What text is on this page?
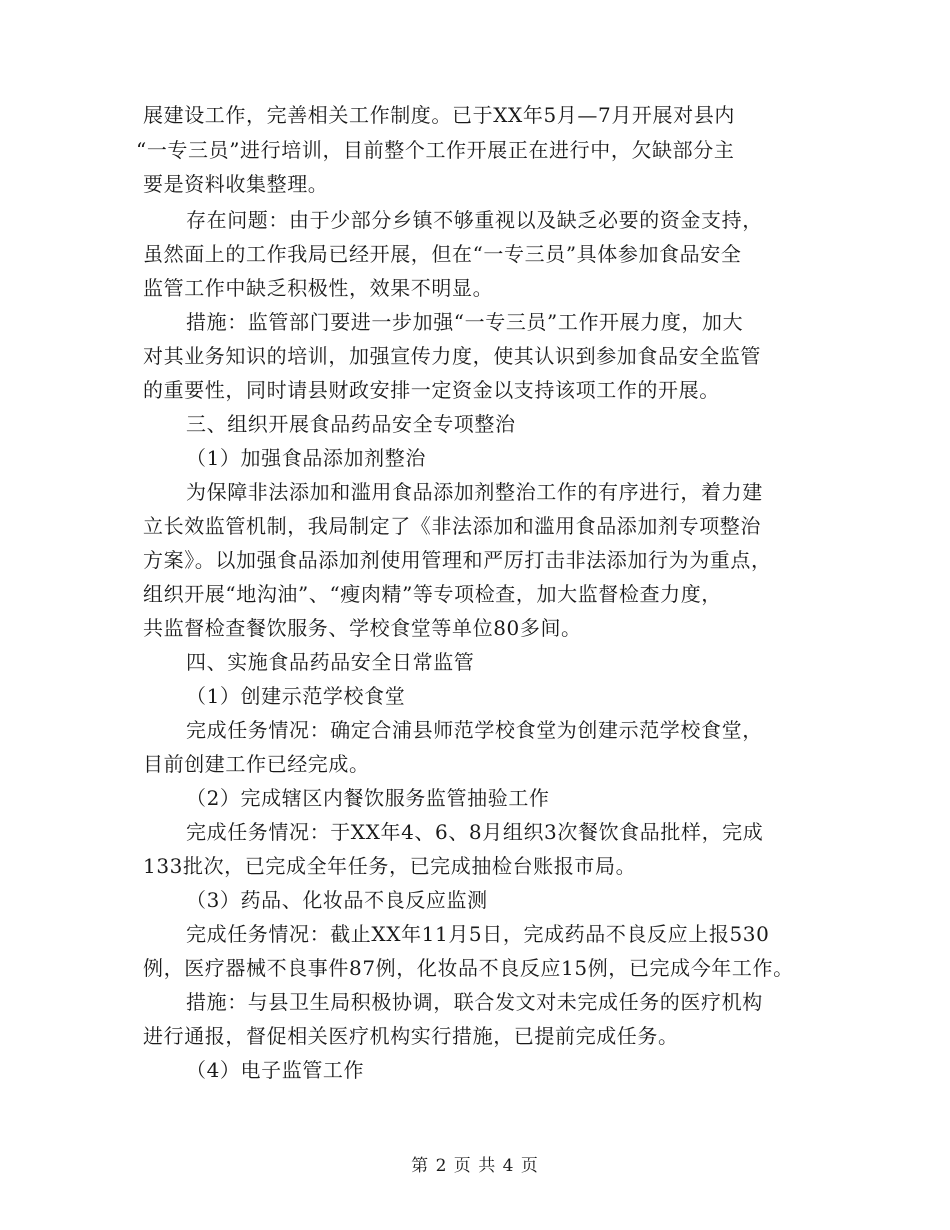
展建设工作，完善相关工作制度。已于XX年5月—7月开展对县内
“一专三员”进行培训，目前整个工作开展正在进行中，欠缺部分主
要是资料收集整理。
存在问题：由于少部分乡镇不够重视以及缺乏必要的资金支持，
虽然面上的工作我局已经开展，但在“一专三员”具体参加食品安全
监管工作中缺乏积极性，效果不明显。
措施：监管部门要进一步加强“一专三员”工作开展力度，加大
对其业务知识的培训，加强宣传力度，使其认识到参加食品安全监管
的重要性，同时请县财政安排一定资金以支持该项工作的开展。
三、组织开展食品药品安全专项整治
（1）加强食品添加剂整治
为保障非法添加和滥用食品添加剂整治工作的有序进行，着力建
立长效监管机制，我局制定了《非法添加和滥用食品添加剂专项整治
方案》。以加强食品添加剂使用管理和严厉打击非法添加行为为重点，
组织开展“地沟油”、“瘦肉精”等专项检查，加大监督检查力度，
共监督检查餐饮服务、学校食堂等单位80多间。
四、实施食品药品安全日常监管
（1）创建示范学校食堂
完成任务情况：确定合浦县师范学校食堂为创建示范学校食堂，
目前创建工作已经完成。
（2）完成辖区内餐饮服务监管抽验工作
完成任务情况：于XX年4、6、8月组织3次餐饮食品批样，完成
133批次，已完成全年任务，已完成抽检台账报市局。
（3）药品、化妆品不良反应监测
完成任务情况：截止XX年11月5日，完成药品不良反应上报530
例，医疗器械不良事件87例，化妆品不良反应15例，已完成今年工作。
措施：与县卫生局积极协调，联合发文对未完成任务的医疗机构
进行通报，督促相关医疗机构实行措施，已提前完成任务。
（4）电子监管工作
第 2 页 共 4 页
